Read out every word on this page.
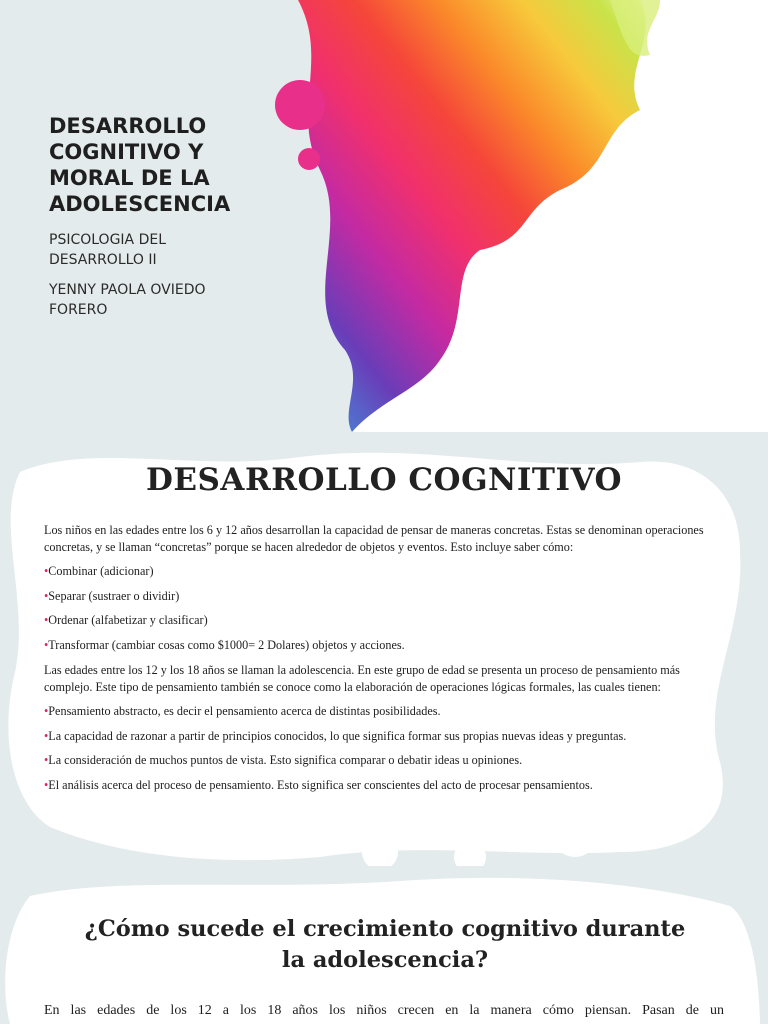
DESARROLLO
COGNITIVO Y
MORAL DE LA
ADOLESCENCIA

PSICOLOGIA DEL
DESARROLLO II

YENNY PAOLA OVIEDO
FORERO

DESARROLLO COGNITIVO

Los niños en las edades entre los 6 y 12 años desarrollan la capacidad de pensar de maneras concretas. Estas se denominan operaciones concretas, y se llaman “concretas” porque se hacen alrededor de objetos y eventos. Esto incluye saber cómo:

•Combinar (adicionar)

•Separar (sustraer o dividir)

•Ordenar (alfabetizar y clasificar)

•Transformar (cambiar cosas como $1000= 2 Dolares) objetos y acciones.

Las edades entre los 12 y los 18 años se llaman la adolescencia. En este grupo de edad se presenta un proceso de pensamiento más complejo. Este tipo de pensamiento también se conoce como la elaboración de operaciones lógicas formales, las cuales tienen:

•Pensamiento abstracto, es decir el pensamiento acerca de distintas posibilidades.

•La capacidad de razonar a partir de principios conocidos, lo que significa formar sus propias nuevas ideas y preguntas.

•La consideración de muchos puntos de vista. Esto significa comparar o debatir ideas u opiniones.

•El análisis acerca del proceso de pensamiento. Esto significa ser conscientes del acto de procesar pensamientos.

¿Cómo sucede el crecimiento cognitivo durante
la adolescencia?

En las edades de los 12 a los 18 años los niños crecen en la manera cómo piensan. Pasan de un
